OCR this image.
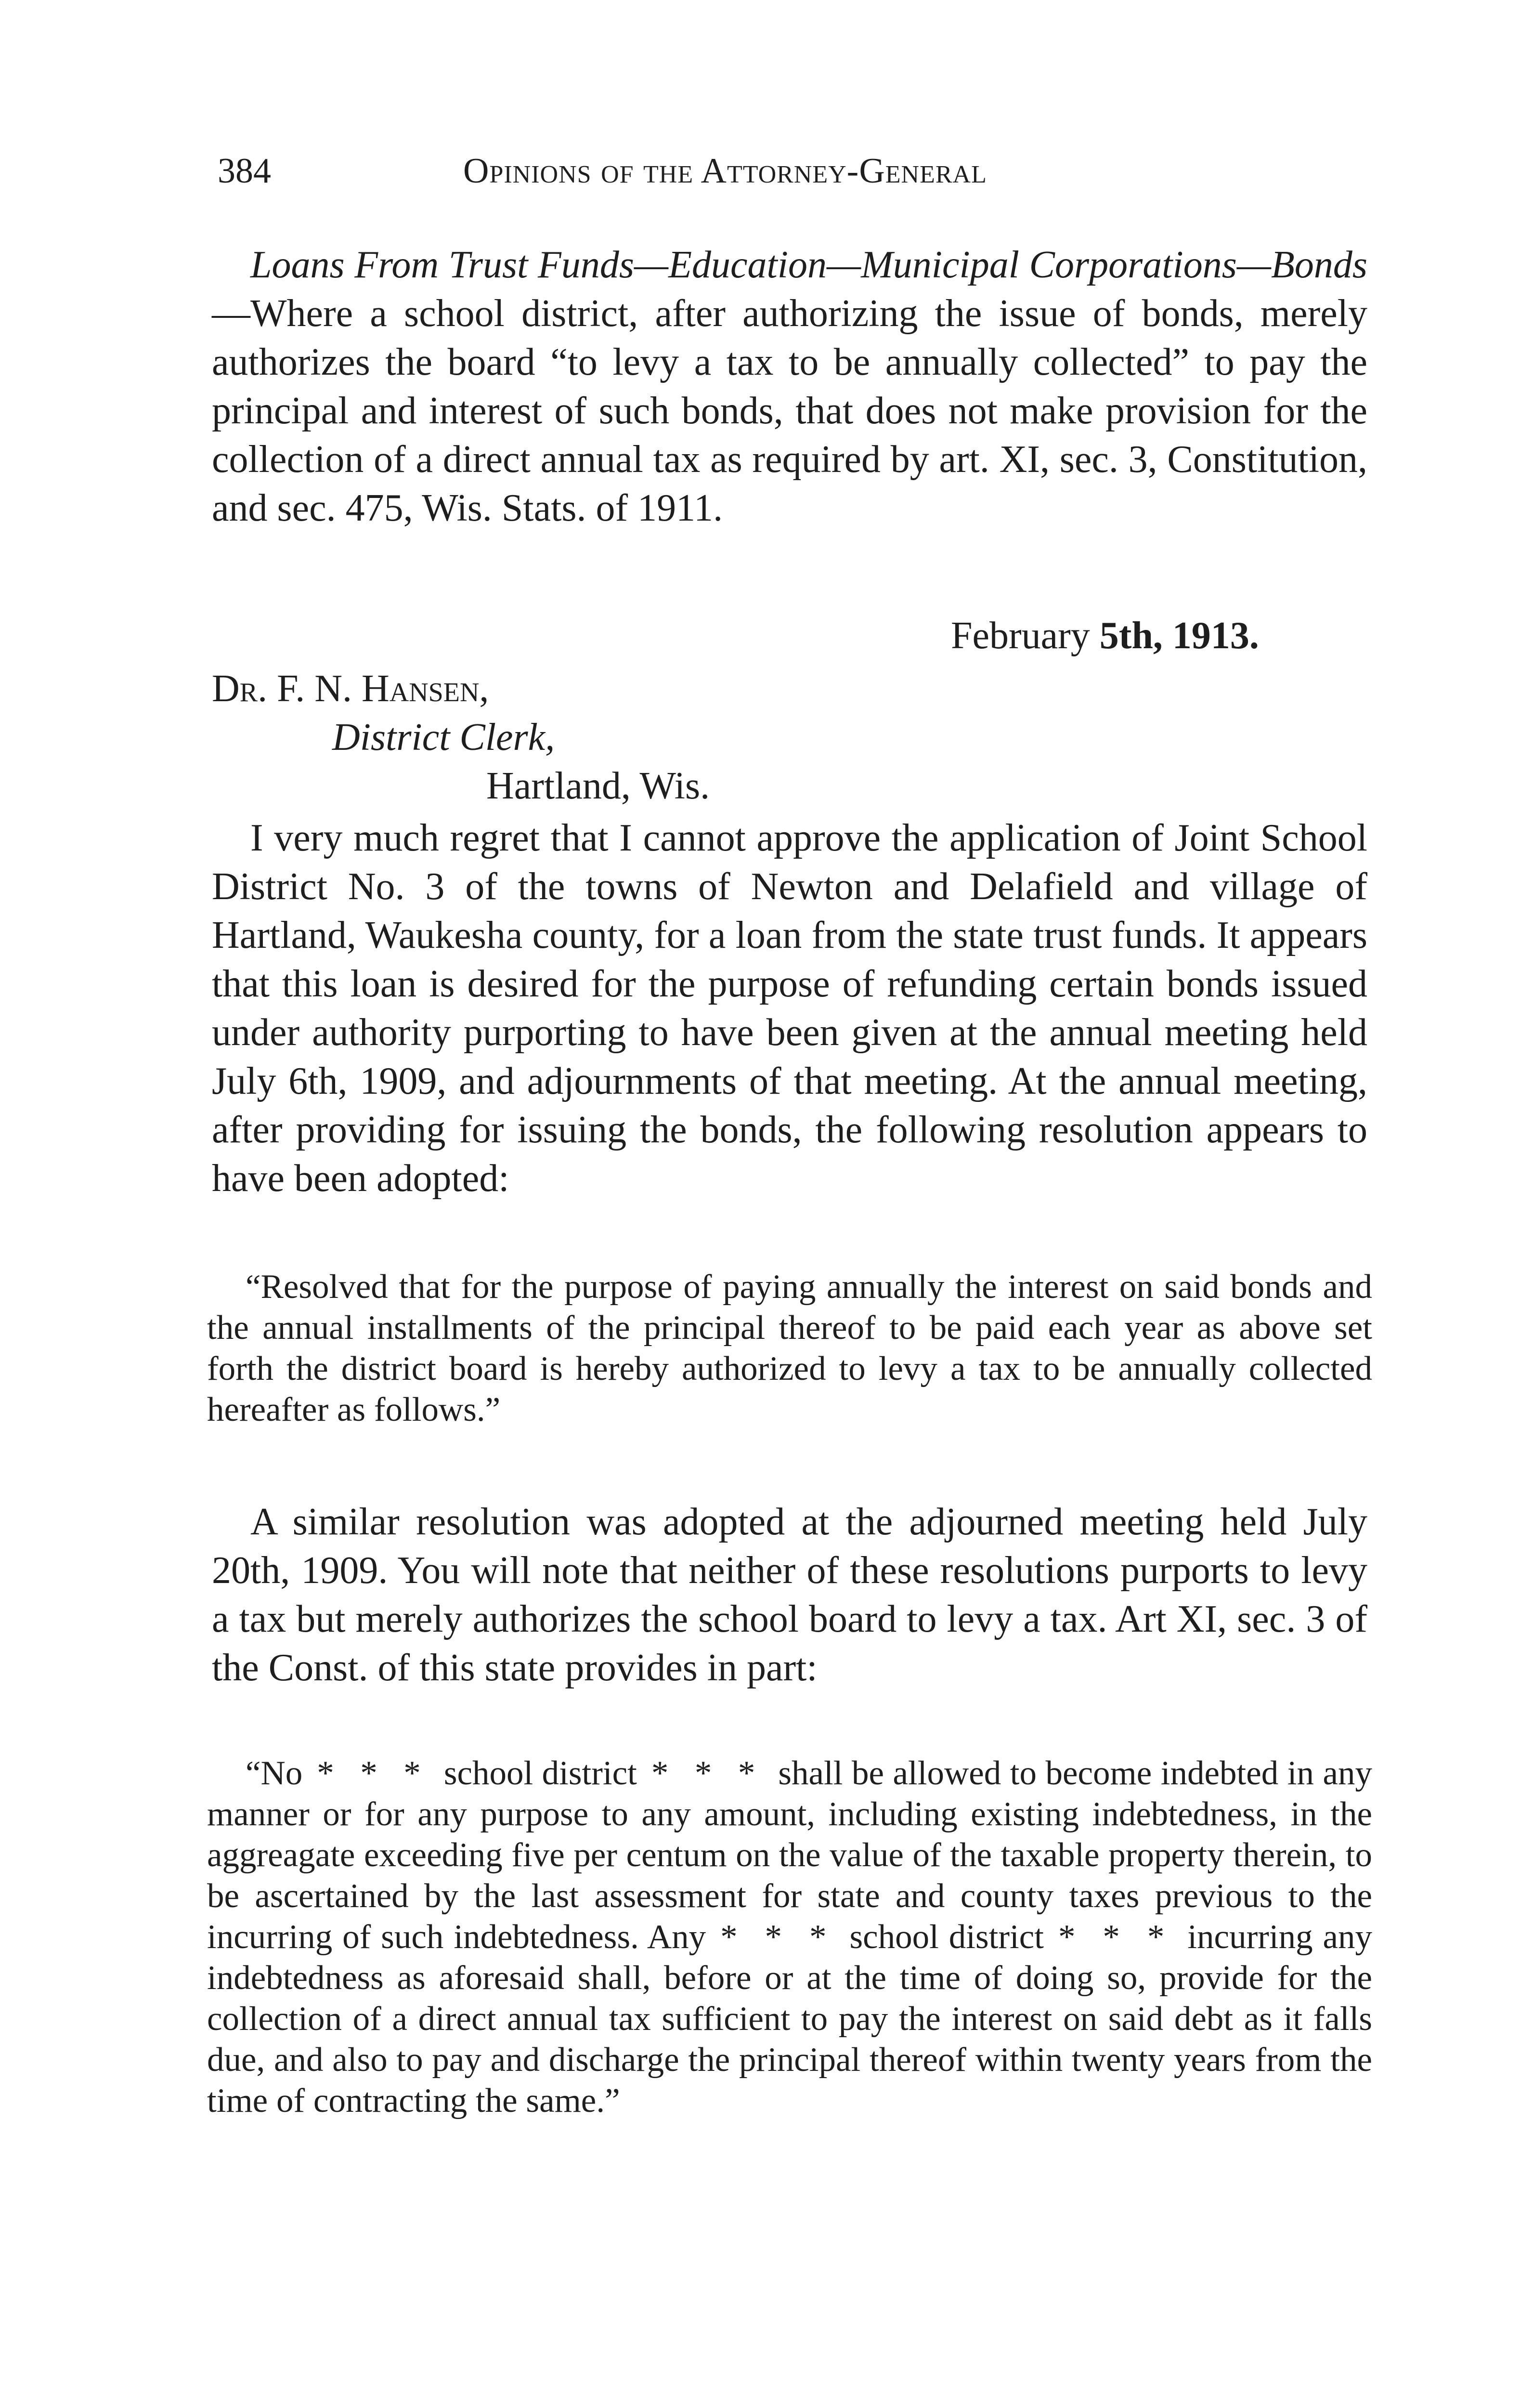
384	Opinions of the Attorney-General
Loans From Trust Funds—Education—Municipal Corporations—Bonds—Where a school district, after authorizing the issue of bonds, merely authorizes the board “to levy a tax to be annually collected” to pay the principal and interest of such bonds, that does not make provision for the collection of a direct annual tax as required by art. XI, sec. 3, Constitution, and sec. 475, Wis. Stats. of 1911.
February 5th, 1913.
Dr. F. N. Hansen,
District Clerk,
Hartland, Wis.

I very much regret that I cannot approve the application of Joint School District No. 3 of the towns of Newton and Delafield and village of Hartland, Waukesha county, for a loan from the state trust funds. It appears that this loan is desired for the purpose of refunding certain bonds issued under authority purporting to have been given at the annual meeting held July 6th, 1909, and adjournments of that meeting. At the annual meeting, after providing for issuing the bonds, the following resolution appears to have been adopted:

“Resolved that for the purpose of paying annually the interest on said bonds and the annual installments of the principal thereof to be paid each year as above set forth the district board is hereby authorized to levy a tax to be annually collected hereafter as follows.”

A similar resolution was adopted at the adjourned meeting held July 20th, 1909. You will note that neither of these resolutions purports to levy a tax but merely authorizes the school board to levy a tax. Art XI, sec. 3 of the Const. of this state provides in part:

“No * * * school district * * * shall be allowed to become indebted in any manner or for any purpose to any amount, including existing indebtedness, in the aggreagate exceeding five per centum on the value of the taxable property therein, to be ascertained by the last assessment for state and county taxes previous to the incurring of such indebtedness. Any * * * school district * * * incurring any indebtedness as aforesaid shall, before or at the time of doing so, provide for the collection of a direct annual tax sufficient to pay the interest on said debt as it falls due, and also to pay and discharge the principal thereof within twenty years from the time of contracting the same.”
